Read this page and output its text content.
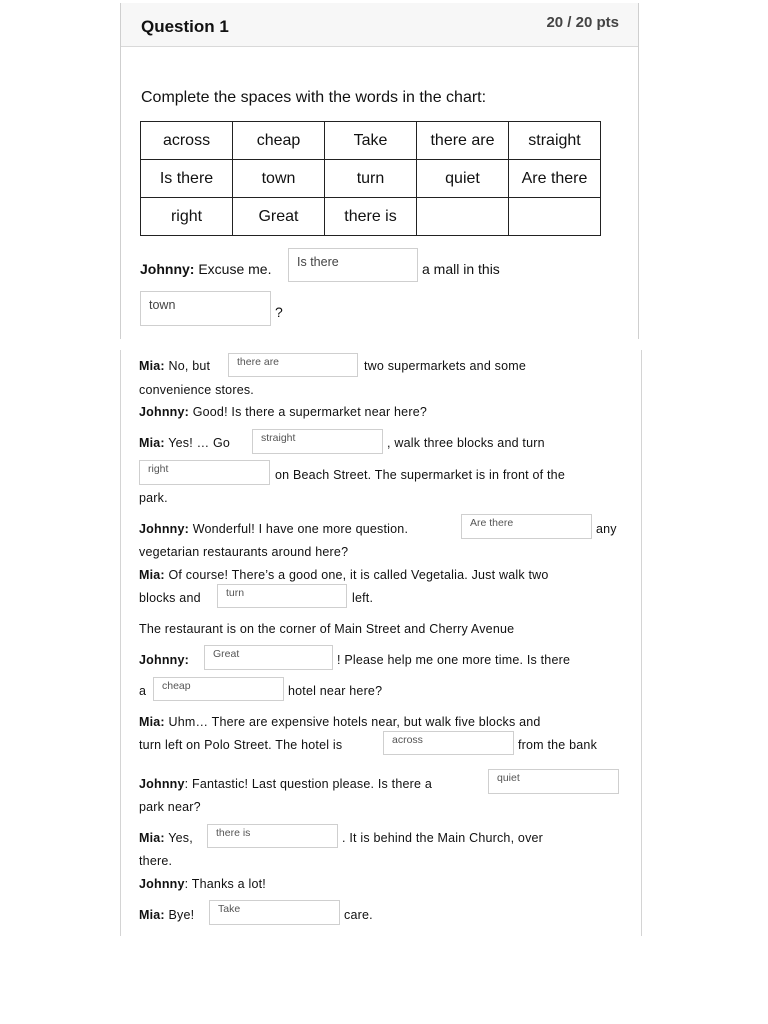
Question 1	20 / 20 pts
Complete the spaces with the words in the chart:
across	cheap	Take	there are	straight
Is there	town	turn	quiet	Are there
right	Great	there is		
Johnny: Excuse me.	Is there	a mall in this
town	?
Mia: No, but	there are	two supermarkets and some
convenience stores.
Johnny: Good! Is there a supermarket near here?
Mia: Yes! … Go	straight	, walk three blocks and turn
right	on Beach Street. The supermarket is in front of the
park.
Johnny: Wonderful! I have one more question.	Are there	any
vegetarian restaurants around here?
Mia: Of course! There’s a good one, it is called Vegetalia. Just walk two
blocks and	turn	left.
The restaurant is on the corner of Main Street and Cherry Avenue
Johnny:	Great	! Please help me one more time. Is there
a	cheap	hotel near here?
Mia: Uhm… There are expensive hotels near, but walk five blocks and
turn left on Polo Street. The hotel is	across	from the bank
Johnny: Fantastic! Last question please. Is there a	quiet
park near?
Mia: Yes,	there is	. It is behind the Main Church, over
there.
Johnny: Thanks a lot!
Mia: Bye!	Take	care.
